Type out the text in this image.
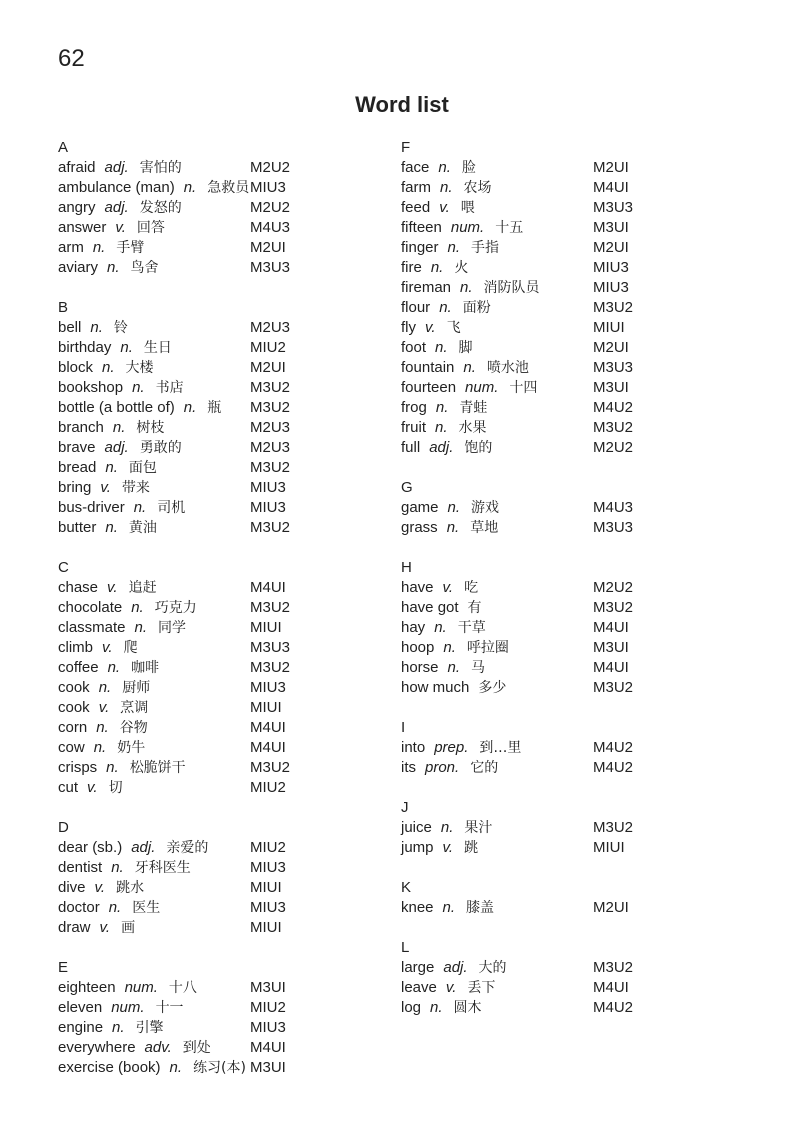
62
Word list
A
afraid adj. 害怕的	M2U2
ambulance (man) n. 急救员 MIU3
angry adj. 发怒的	M2U2
answer v. 回答	M4U3
arm n. 手臂	M2UI
aviary n. 鸟舍	M3U3
B
bell n. 铃	M2U3
birthday n. 生日	MIU2
block n. 大楼	M2UI
bookshop n. 书店	M3U2
bottle (a bottle of) n. 瓶 M3U2
branch n. 树枝	M2U3
brave adj. 勇敢的	M2U3
bread n. 面包	M3U2
bring v. 带来	MIU3
bus-driver n. 司机	MIU3
butter n. 黄油	M3U2
C
chase v. 追赶	M4UI
chocolate n. 巧克力	M3U2
classmate n. 同学	MIUI
climb v. 爬	M3U3
coffee n. 咖啡	M3U2
cook n. 厨师	MIU3
cook v. 烹调	MIUI
corn n. 谷物	M4UI
cow n. 奶牛	M4UI
crisps n. 松脆饼干	M3U2
cut v. 切	MIU2
D
dear (sb.) adj. 亲爱的	MIU2
dentist n. 牙科医生	MIU3
dive v. 跳水	MIUI
doctor n. 医生	MIU3
draw v. 画	MIUI
E
eighteen num. 十八	M3UI
eleven num. 十一	MIU2
engine n. 引擎	MIU3
everywhere adv. 到处	M4UI
exercise (book) n. 练习(本) M3UI
F
face n. 脸	M2UI
farm n. 农场	M4UI
feed v. 喂	M3U3
fifteen num. 十五	M3UI
finger n. 手指	M2UI
fire n. 火	MIU3
fireman n. 消防队员	MIU3
flour n. 面粉	M3U2
fly v. 飞	MIUI
foot n. 脚	M2UI
fountain n. 喷水池	M3U3
fourteen num. 十四	M3UI
frog n. 青蛙	M4U2
fruit n. 水果	M3U2
full adj. 饱的	M2U2
G
game n. 游戏	M4U3
grass n. 草地	M3U3
H
have v. 吃	M2U2
have got 有	M3U2
hay n. 干草	M4UI
hoop n. 呼拉圈	M3UI
horse n. 马	M4UI
how much 多少	M3U2
I
into prep. 到…里	M4U2
its pron. 它的	M4U2
J
juice n. 果汁	M3U2
jump v. 跳	MIUI
K
knee n. 膝盖	M2UI
L
large adj. 大的	M3U2
leave v. 丢下	M4UI
log n. 圆木	M4U2
